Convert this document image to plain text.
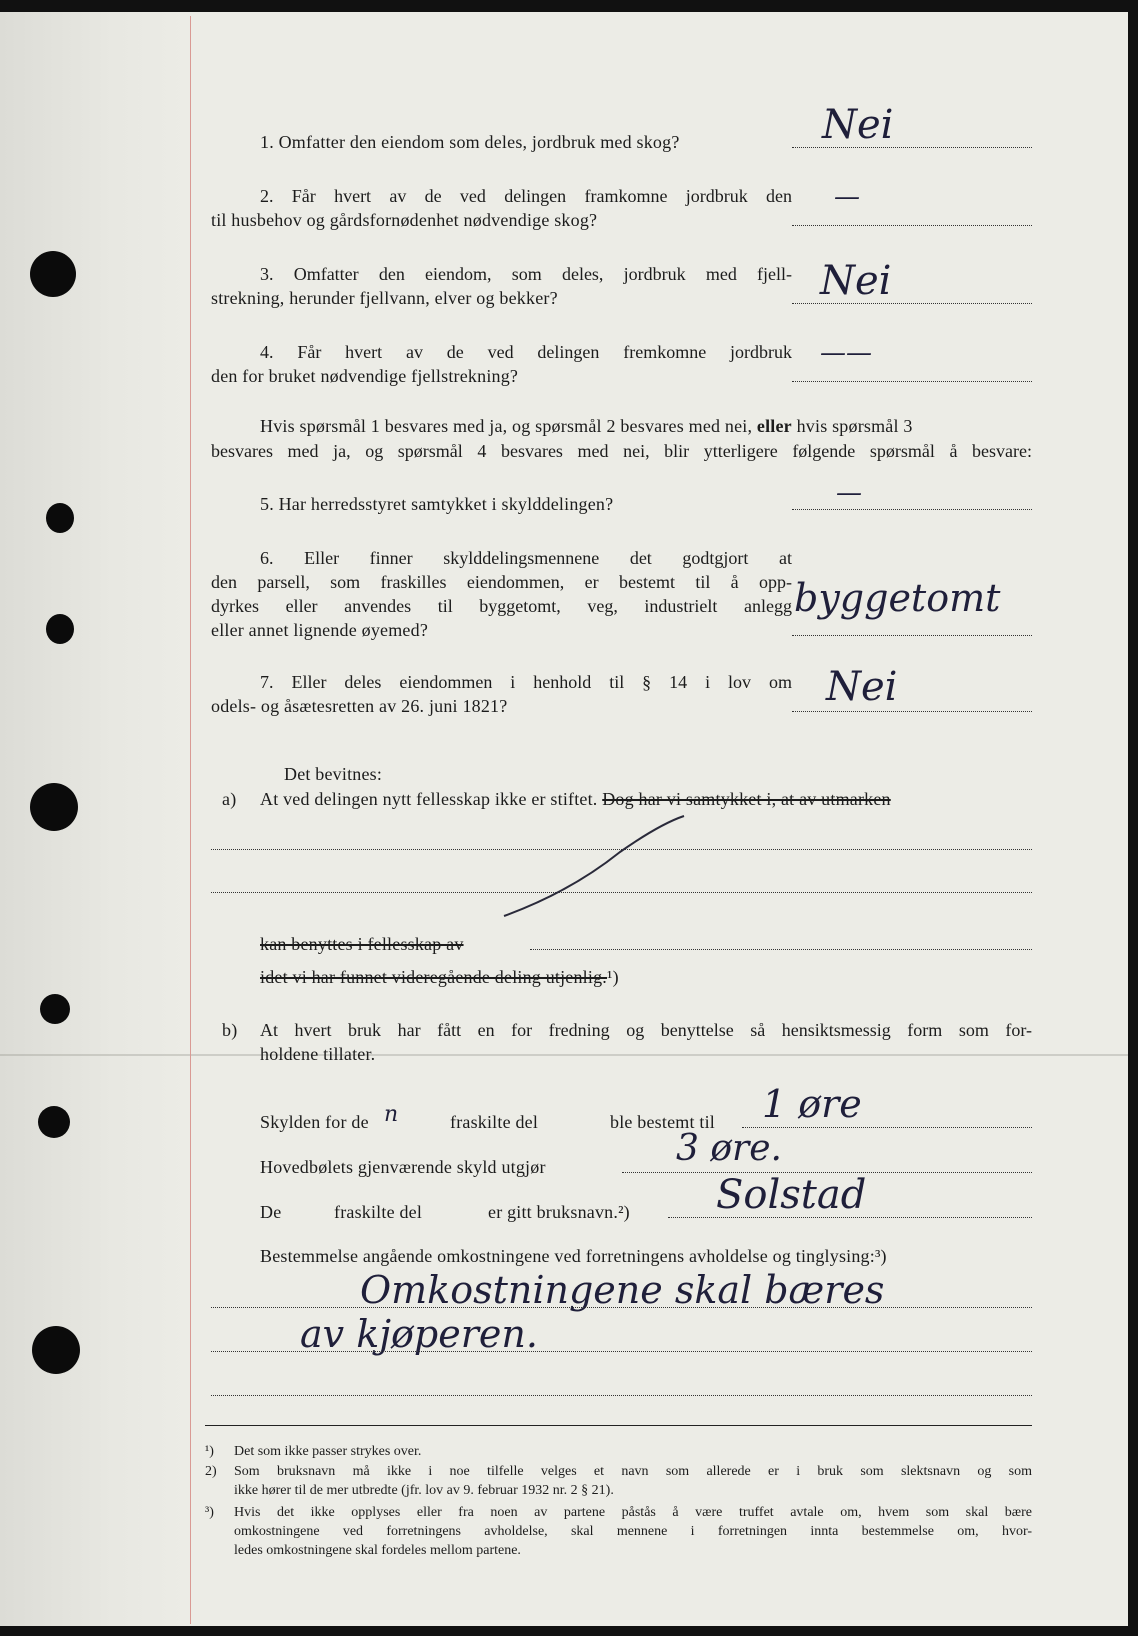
1. Omfatter den eiendom som deles, jordbruk med skog?	Nei
2. Får hvert av de ved delingen framkomne jordbruk den
til husbehov og gårdsfornødenhet nødvendige skog?
—
3. Omfatter den eiendom, som deles, jordbruk med fjell-
strekning, herunder fjellvann, elver og bekker?	Nei
4. Får hvert av de ved delingen fremkomne jordbruk
den for bruket nødvendige fjellstrekning?
——
Hvis spørsmål 1 besvares med ja, og spørsmål 2 besvares med nei, eller hvis spørsmål 3
besvares med ja, og spørsmål 4 besvares med nei, blir ytterligere følgende spørsmål å besvare:
5. Har herredsstyret samtykket i skylddelingen?	—
6. Eller finner skylddelingsmennene det godtgjort at
den parsell, som fraskilles eiendommen, er bestemt til å opp-
dyrkes eller anvendes til byggetomt, veg, industrielt anlegg
eller annet lignende øyemed?
byggetomt
7. Eller deles eiendommen i henhold til § 14 i lov om
odels- og åsætesretten av 26. juni 1821?	Nei
Det bevitnes:
a) At ved delingen nytt fellesskap ikke er stiftet. Dog har vi samtykket i, at av utmarken
kan benyttes i fellesskap av
idet vi har funnet videregående deling utjenlig.¹)
b) At hvert bruk har fått en for fredning og benyttelse så hensiktsmessig form som for-
holdene tillater.
Skylden for de n	fraskilte del	ble bestemt til 1 øre
Hovedbølets gjenværende skyld utgjør	3 øre.
De	fraskilte del	er gitt bruksnavn.²) Solstad
Bestemmelse angående omkostningene ved forretningens avholdelse og tinglysing:³)
Omkostningene skal bæres
av kjøperen.
¹) Det som ikke passer strykes over.
2) Som bruksnavn må ikke i noe tilfelle velges et navn som allerede er i bruk som slektsnavn og som
ikke hører til de mer utbredte (jfr. lov av 9. februar 1932 nr. 2 § 21).
³) Hvis det ikke opplyses eller fra noen av partene påstås å være truffet avtale om, hvem som skal bære
omkostningene ved forretningens avholdelse, skal mennene i forretningen innta bestemmelse om, hvor-
ledes omkostningene skal fordeles mellom partene.
